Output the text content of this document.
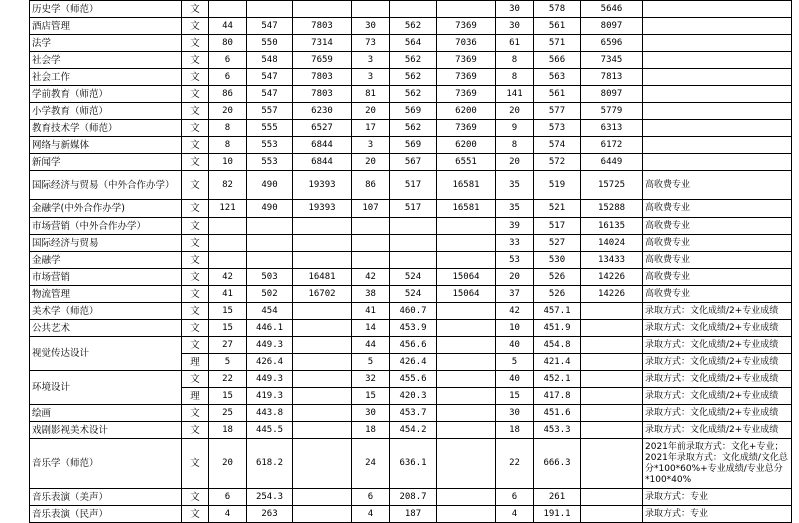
历史学（师范）	文							30	578	5646	
酒店管理	文	44	547	7803	30	562	7369	30	561	8097	
法学	文	80	550	7314	73	564	7036	61	571	6596	
社会学	文	6	548	7659	3	562	7369	8	566	7345	
社会工作	文	6	547	7803	3	562	7369	8	563	7813	
学前教育（师范）	文	86	547	7803	81	562	7369	141	561	8097	
小学教育（师范）	文	20	557	6230	20	569	6200	20	577	5779	
教育技术学（师范）	文	8	555	6527	17	562	7369	9	573	6313	
网络与新媒体	文	8	553	6844	3	569	6200	8	574	6172	
新闻学	文	10	553	6844	20	567	6551	20	572	6449	
国际经济与贸易（中外合作办学）	文	82	490	19393	86	517	16581	35	519	15725	高收费专业
金融学(中外合作办学)	文	121	490	19393	107	517	16581	35	521	15288	高收费专业
市场营销（中外合作办学）	文							39	517	16135	高收费专业
国际经济与贸易	文							33	527	14024	高收费专业
金融学	文							53	530	13433	高收费专业
市场营销	文	42	503	16481	42	524	15064	20	526	14226	高收费专业
物流管理	文	41	502	16702	38	524	15064	37	526	14226	高收费专业
美术学（师范）	文	15	454		41	460.7		42	457.1		录取方式：文化成绩/2+专业成绩
公共艺术	文	15	446.1		14	453.9		10	451.9		录取方式：文化成绩/2+专业成绩
视觉传达设计	文	27	449.3		44	456.6		40	454.8		录取方式：文化成绩/2+专业成绩
	理	5	426.4		5	426.4		5	421.4		录取方式：文化成绩/2+专业成绩
环境设计	文	22	449.3		32	455.6		40	452.1		录取方式：文化成绩/2+专业成绩
	理	15	419.3		15	420.3		15	417.8		录取方式：文化成绩/2+专业成绩
绘画	文	25	443.8		30	453.7		30	451.6		录取方式：文化成绩/2+专业成绩
戏剧影视美术设计	文	18	445.5		18	454.2		18	453.3		录取方式：文化成绩/2+专业成绩
音乐学（师范）	文	20	618.2		24	636.1		22	666.3		2021年前录取方式：文化+专业；
2021年录取方式：文化成绩/文化总分*100*60%+专业成绩/专业总分*100*40%
音乐表演（美声）	文	6	254.3		6	208.7		6	261		录取方式：专业
音乐表演（民声）	文	4	263		4	187		4	191.1		录取方式：专业
